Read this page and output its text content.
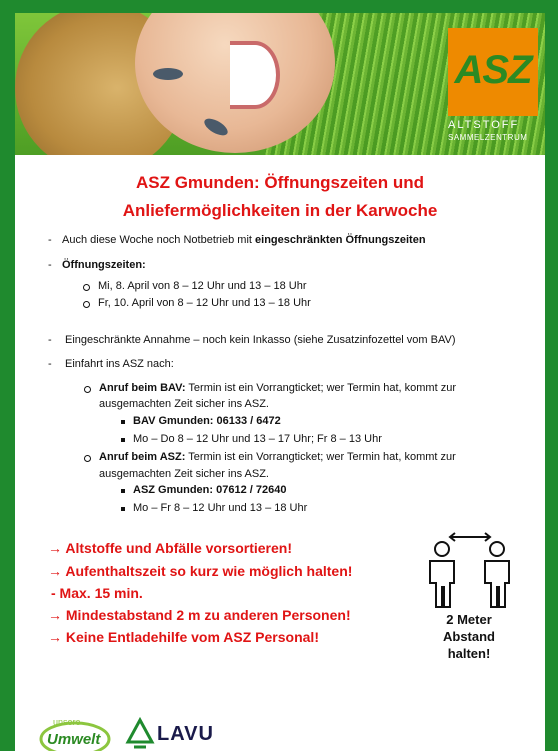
ASZ
ALTSTOFF
SAMMELZENTRUM
ASZ Gmunden: Öffnungszeiten und
Anliefermöglichkeiten in der Karwoche
- Auch diese Woche noch Notbetrieb mit eingeschränkten Öffnungszeiten
- Öffnungszeiten:
Mi, 8. April von 8 – 12 Uhr und 13 – 18 Uhr
Fr, 10. April von 8 – 12 Uhr und 13 – 18 Uhr
- Eingeschränkte Annahme – noch kein Inkasso (siehe Zusatzinfozettel vom BAV)
- Einfahrt ins ASZ nach:
Anruf beim BAV: Termin ist ein Vorrangticket; wer Termin hat, kommt zur
ausgemachten Zeit sicher ins ASZ.
BAV Gmunden: 06133 / 6472
Mo – Do 8 – 12 Uhr und 13 – 17 Uhr; Fr 8 – 13 Uhr
Anruf beim ASZ: Termin ist ein Vorrangticket; wer Termin hat, kommt zur
ausgemachten Zeit sicher ins ASZ.
ASZ Gmunden: 07612 / 72640
Mo – Fr 8 – 12 Uhr und 13 – 18 Uhr
→ Altstoffe und Abfälle vorsortieren!
→ Aufenthaltszeit so kurz wie möglich halten!
- Max. 15 min.
→ Mindestabstand 2 m zu anderen Personen!
→ Keine Entladehilfe vom ASZ Personal!
2 Meter
Abstand
halten!
unsere
Umwelt	LAVU
